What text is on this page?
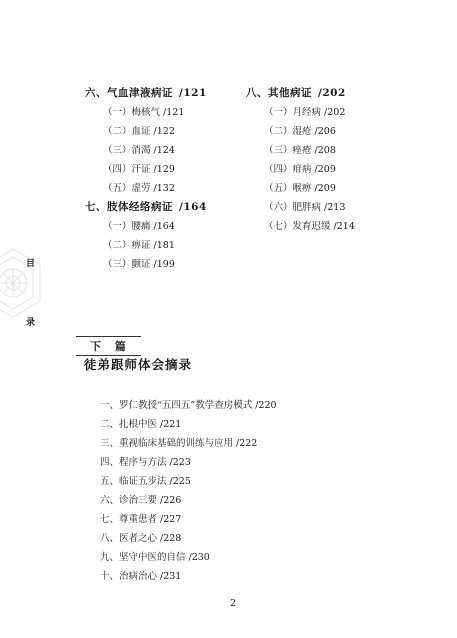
六、气血津液病证 /121
（一）梅核气 /121
（二）血证 /122
（三）消渴 /124
（四）汗证 /129
（五）虚劳 /132
七、肢体经络病证 /164
（一）腰痛 /164
（二）痹证 /181
（三）颤证 /199
八、其他病证 /202
（一）月经病 /202
（二）湿疮 /206
（三）痤疮 /208
（四）疳病 /209
（五）喉痹 /209
（六）肥胖病 /213
（七）发育迟缓 /214
目
录
下 篇
徒弟跟师体会摘录
一、罗仁教授“五四五”教学查房模式 /220
二、扎根中医 /221
三、重视临床基础的训练与应用 /222
四、程序与方法 /223
五、临证五步法 /225
六、诊治三要 /226
七、尊重患者 /227
八、医者之心 /228
九、坚守中医的自信 /230
十、治病治心 /231
2
